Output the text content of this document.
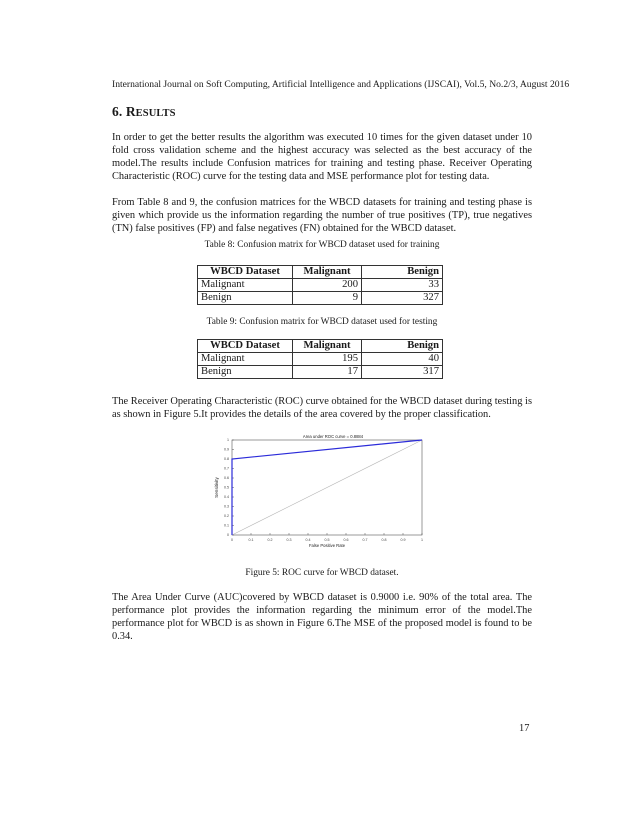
International Journal on Soft Computing, Artificial Intelligence and Applications (IJSCAI), Vol.5, No.2/3, August 2016
6. RESULTS
In order to get the better results the algorithm was executed 10 times for the given dataset under 10 fold cross validation scheme and the highest accuracy was selected as the best accuracy of the model.The results include Confusion matrices for training and testing phase. Receiver Operating Characteristic (ROC) curve for the testing data and MSE performance plot for testing data.
From Table 8 and 9, the confusion matrices for the WBCD datasets for training and testing phase is given which provide us the information regarding the number of true positives (TP), true negatives (TN) false positives (FP) and false negatives (FN) obtained for the WBCD dataset.
Table 8: Confusion matrix for WBCD dataset used for training
WBCD Dataset	Malignant	Benign
Malignant	200	33
Benign	9	327
Table 9: Confusion matrix for WBCD dataset used for testing
WBCD Dataset	Malignant	Benign
Malignant	195	40
Benign	17	317
The Receiver Operating Characteristic (ROC) curve obtained for the WBCD dataset during testing is as shown in Figure 5.It provides the details of the area covered by the proper classification.
0	0.1	0.2	0.3	0.4	0.5	0.6	0.7	0.8	0.9	1
0
0.1
0.2
0.3
0.4
0.5
0.6
0.7
0.8
0.9
1
Area under ROC curve = 0.8884
False Positive Rate
Sensitivity
Figure 5: ROC curve for WBCD dataset.
The Area Under Curve (AUC)covered by WBCD dataset is 0.9000 i.e. 90% of the total area. The performance plot provides the information regarding the minimum error of the model.The performance plot for WBCD is as shown in Figure 6.The MSE of the proposed model is found to be 0.34.
17
